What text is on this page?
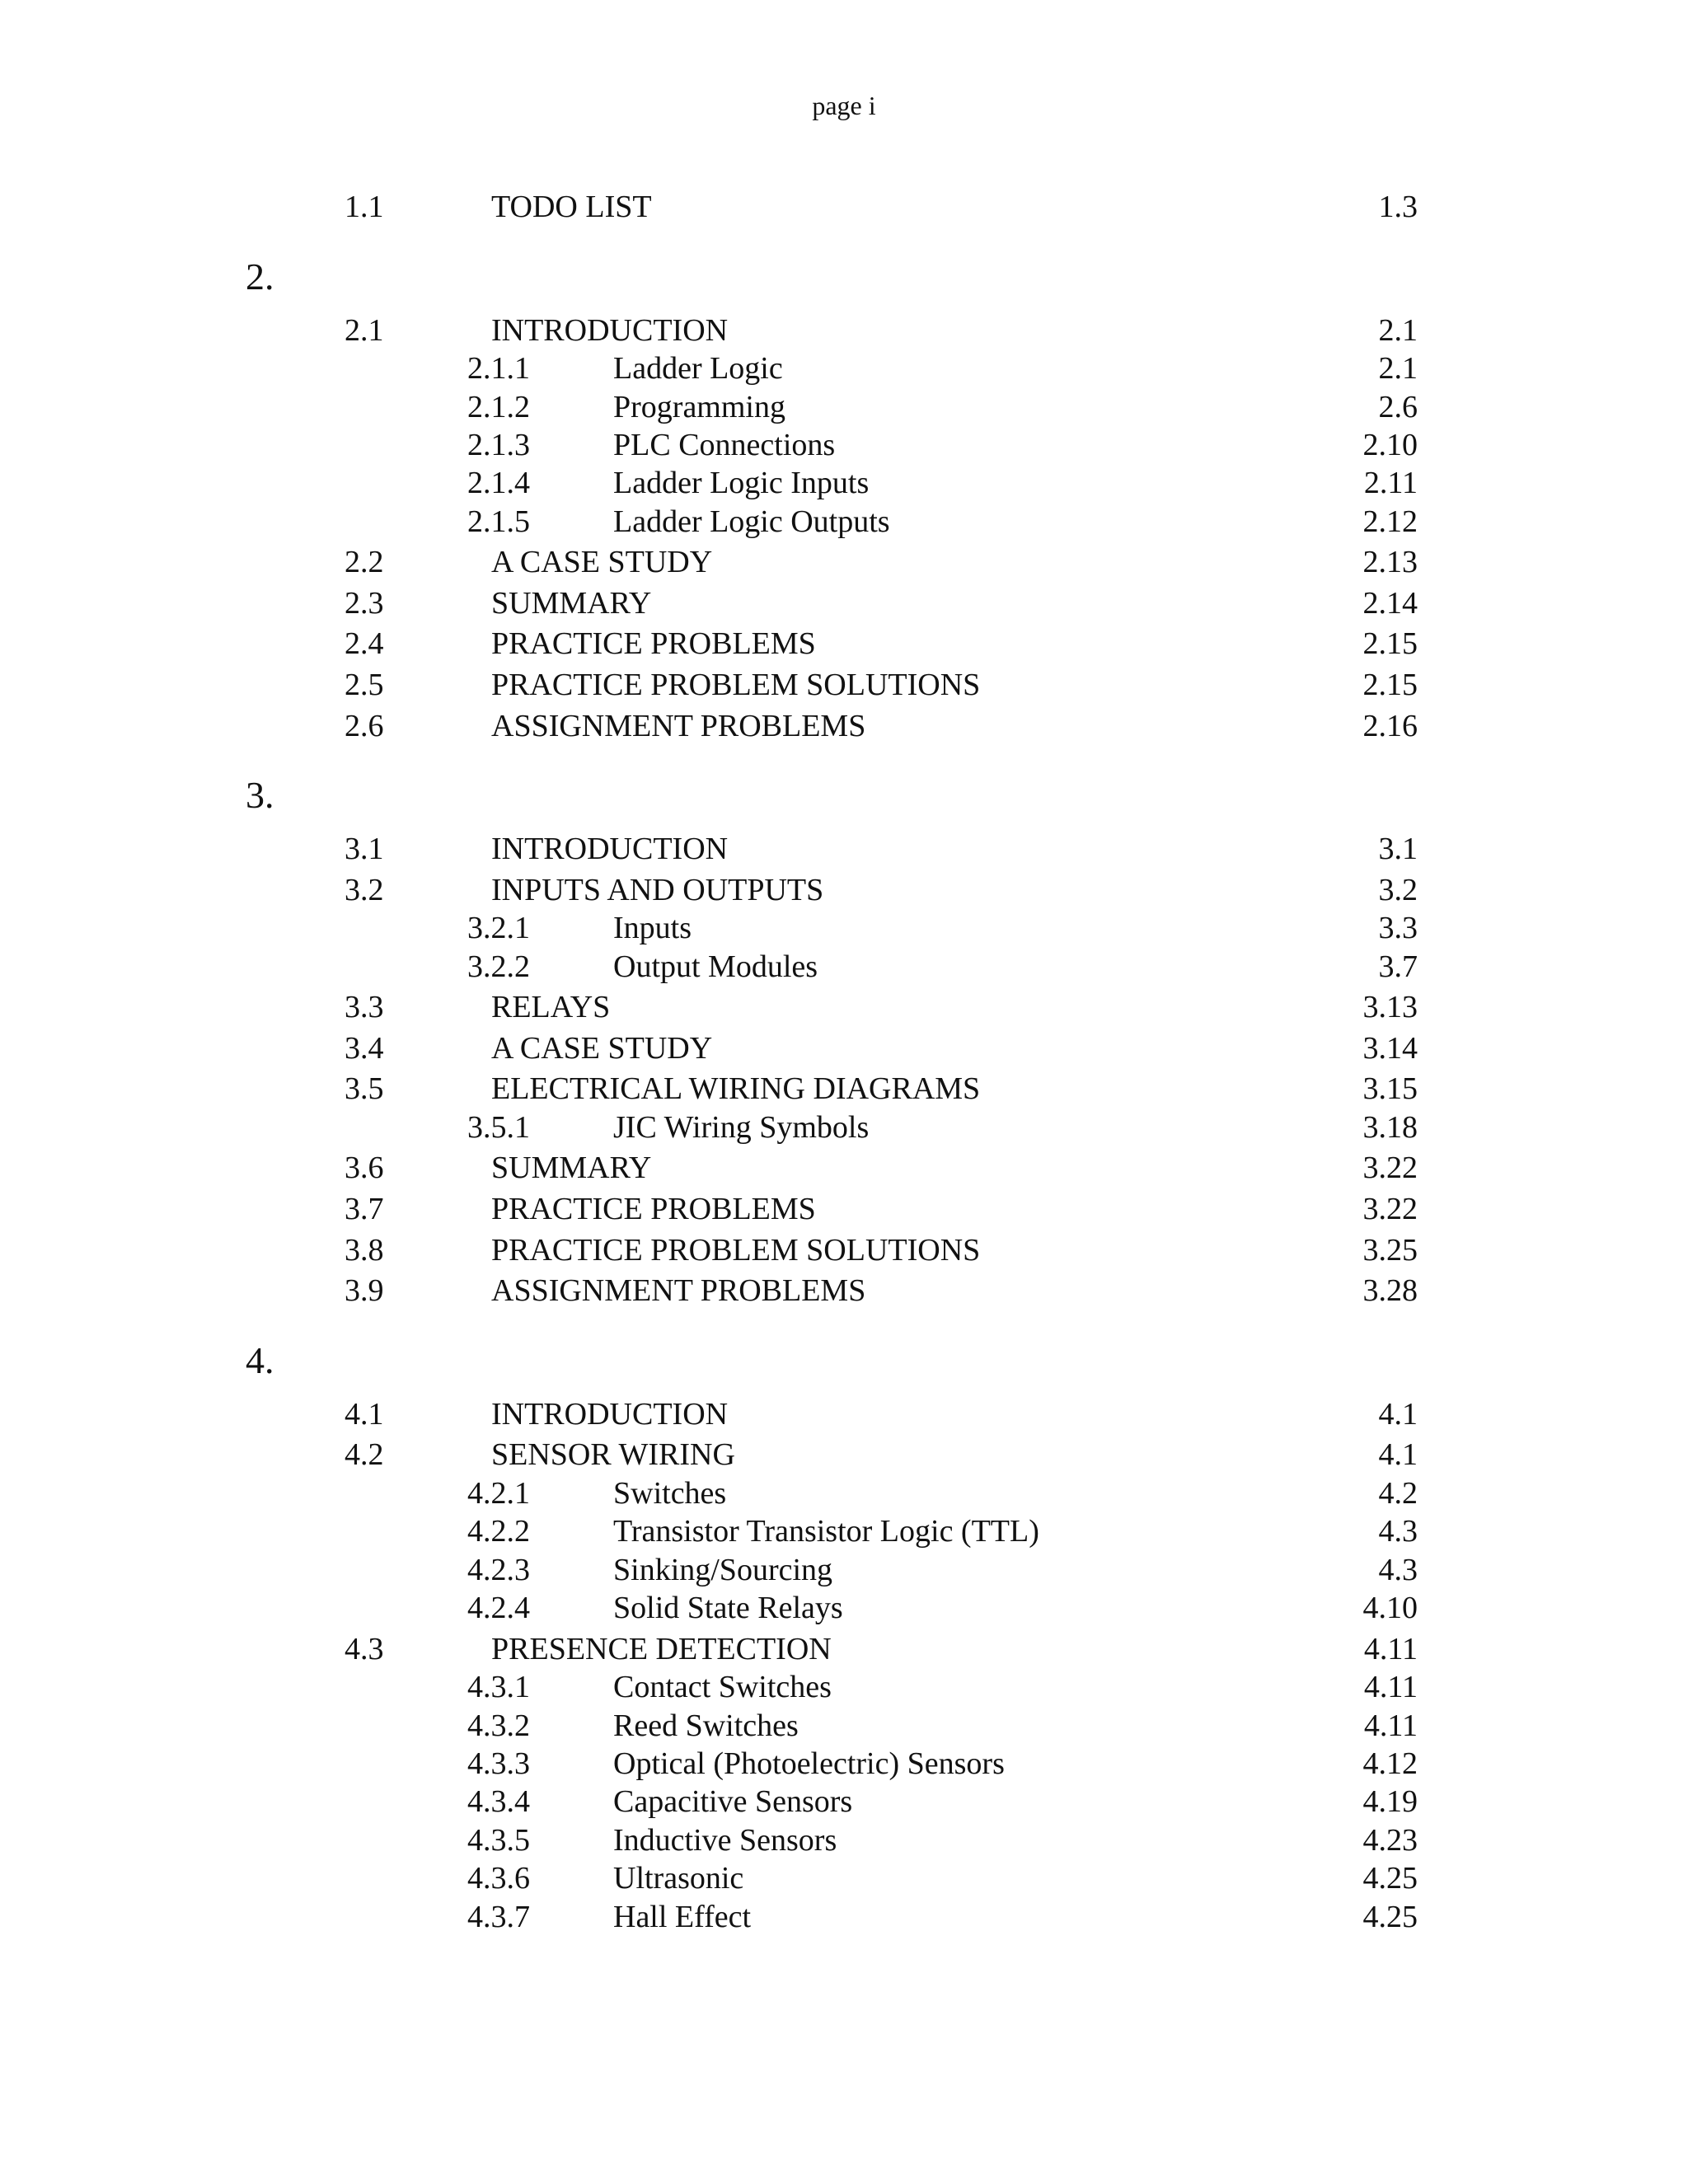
page i
1.1	TODO LIST	1.3
2.
2.1	INTRODUCTION	2.1
2.1.1	Ladder Logic	2.1
2.1.2	Programming	2.6
2.1.3	PLC Connections	2.10
2.1.4	Ladder Logic Inputs	2.11
2.1.5	Ladder Logic Outputs	2.12
2.2	A CASE STUDY	2.13
2.3	SUMMARY	2.14
2.4	PRACTICE PROBLEMS	2.15
2.5	PRACTICE PROBLEM SOLUTIONS	2.15
2.6	ASSIGNMENT PROBLEMS	2.16
3.
3.1	INTRODUCTION	3.1
3.2	INPUTS AND OUTPUTS	3.2
3.2.1	Inputs	3.3
3.2.2	Output Modules	3.7
3.3	RELAYS	3.13
3.4	A CASE STUDY	3.14
3.5	ELECTRICAL WIRING DIAGRAMS	3.15
3.5.1	JIC Wiring Symbols	3.18
3.6	SUMMARY	3.22
3.7	PRACTICE PROBLEMS	3.22
3.8	PRACTICE PROBLEM SOLUTIONS	3.25
3.9	ASSIGNMENT PROBLEMS	3.28
4.
4.1	INTRODUCTION	4.1
4.2	SENSOR WIRING	4.1
4.2.1	Switches	4.2
4.2.2	Transistor Transistor Logic (TTL)	4.3
4.2.3	Sinking/Sourcing	4.3
4.2.4	Solid State Relays	4.10
4.3	PRESENCE DETECTION	4.11
4.3.1	Contact Switches	4.11
4.3.2	Reed Switches	4.11
4.3.3	Optical (Photoelectric) Sensors	4.12
4.3.4	Capacitive Sensors	4.19
4.3.5	Inductive Sensors	4.23
4.3.6	Ultrasonic	4.25
4.3.7	Hall Effect	4.25
